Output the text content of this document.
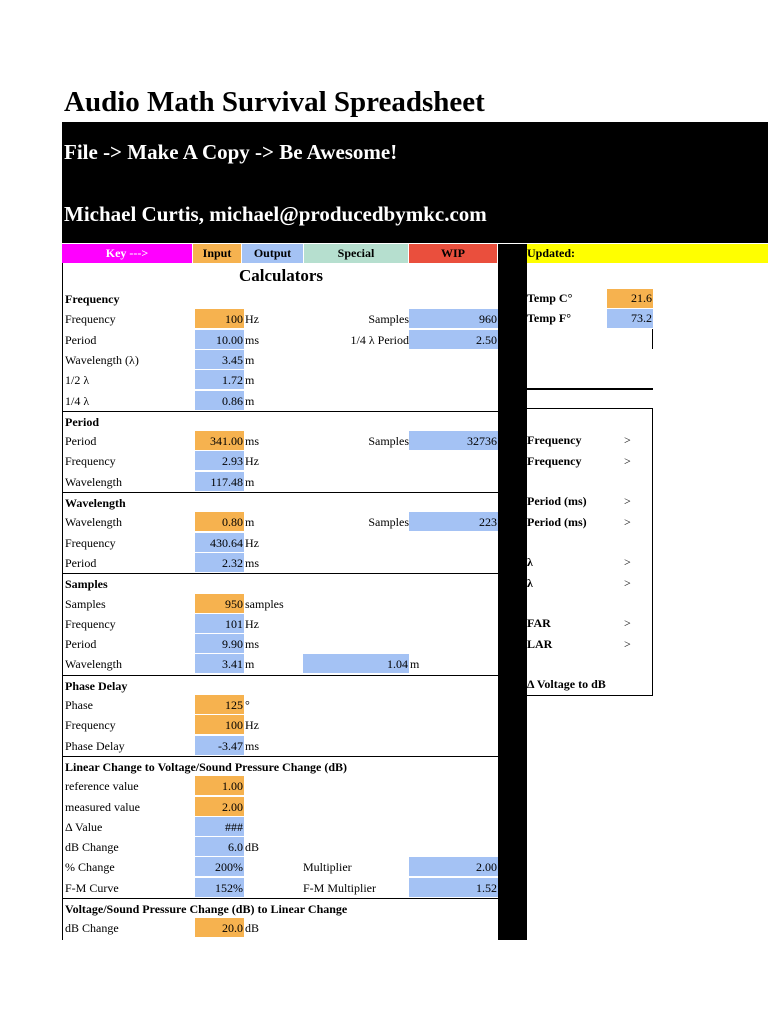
Audio Math Survival Spreadsheet
File -> Make A Copy -> Be Awesome!
Michael Curtis, michael@producedbymkc.com
Key --->	Input	Output	Special	WIP	Updated:
Calculators
Frequency
Frequency	100 Hz	Samples	960
Period	10.00 ms	1/4 λ Period	2.50
Wavelength (λ)	3.45 m
1/2 λ	1.72 m
1/4 λ	0.86 m
Period
Period	341.00 ms	Samples	32736
Frequency	2.93 Hz
Wavelength	117.48 m
Wavelength
Wavelength	0.80 m	Samples	223
Frequency	430.64 Hz
Period	2.32 ms
Samples
Samples	950 samples
Frequency	101 Hz
Period	9.90 ms
Wavelength	3.41 m	1.04 m
Phase Delay
Phase	125 °
Frequency	100 Hz
Phase Delay	-3.47 ms
Linear Change to Voltage/Sound Pressure Change (dB)
reference value	1.00
measured value	2.00
Δ Value	###
dB Change	6.0 dB
% Change	200%	Multiplier	2.00
F-M Curve	152%	F-M Multiplier	1.52
Voltage/Sound Pressure Change (dB) to Linear Change
dB Change	20.0 dB
Temp C°	21.6
Temp F°	73.2
Frequency	>
Frequency	>
Period (ms)	>
Period (ms)	>
λ	>
λ	>
FAR	>
LAR	>
Δ Voltage to dB
